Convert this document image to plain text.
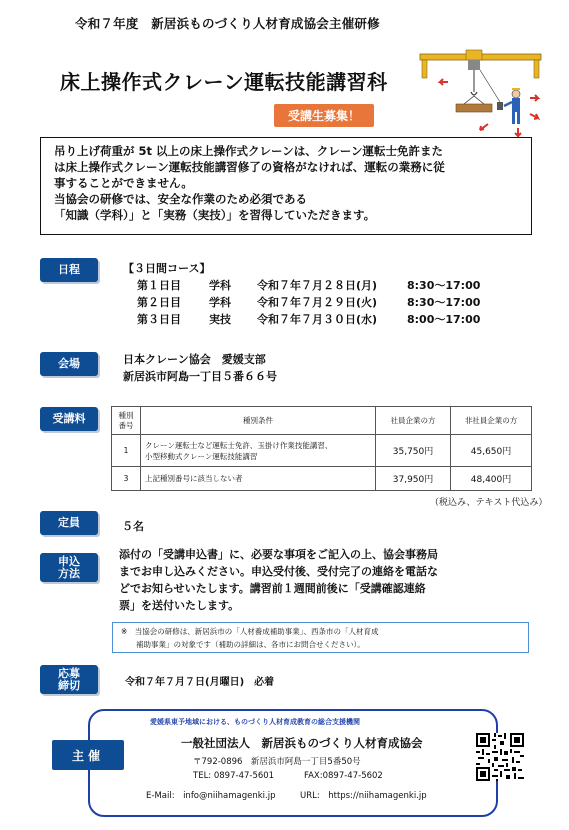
令和７年度　新居浜ものづくり人材育成協会主催研修
床上操作式クレーン運転技能講習科
受講生募集！

吊り上げ荷重が 5t 以上の床上操作式クレーンは、クレーン運転士免許また

は床上操作式クレーン運転技能講習修了の資格がなければ、運転の業務に従

事することができません。

当協会の研修では、安全な作業のため必須である

「知識（学科）」と「実務（実技）」を習得していただきます。

日程	【３日間コース】
第１日目	学科	令和７年７月２８日(月)	8:30～17:00
第２日目	学科	令和７年７月２９日(火)	8:30～17:00
第３日目	実技	令和７年７月３０日(水)	8:00～17:00
会場	日本クレーン協会　愛媛支部
新居浜市阿島一丁目５番６６号
受講料	種別
番号	種別条件	社員企業の方	非社員企業の方
1	クレーン運転士など運転士免許、玉掛け作業技能講習、
小型移動式クレーン運転技能講習	35,750円	45,650円
3	上記種別番号に該当しない者	37,950円	48,400円
（税込み、テキスト代込み）
定員	５名
申込
方法

添付の「受講申込書」に、必要な事項をご記入の上、協会事務局

までお申し込みください。申込受付後、受付完了の連絡を電話な

どでお知らせいたします。講習前１週間前後に「受講確認連絡

票」を送付いたします。

※　当協会の研修は、新居浜市の「人材養成補助事業」、西条市の「人材育成

　　補助事業」の対象です（補助の詳細は、各市にお問合せください）。

応募
締切	令和７年７月７日(月曜日)　必着
主催
愛媛県東予地域における、ものづくり人材育成教育の総合支援機関
一般社団法人　新居浜ものづくり人材育成協会
〒792-0896　新居浜市阿島一丁目5番50号
TEL: 0897-47-5601	FAX:0897-47-5602
E-Mail:　info@niihamagenki.jp	URL:　https://niihamagenki.jp
